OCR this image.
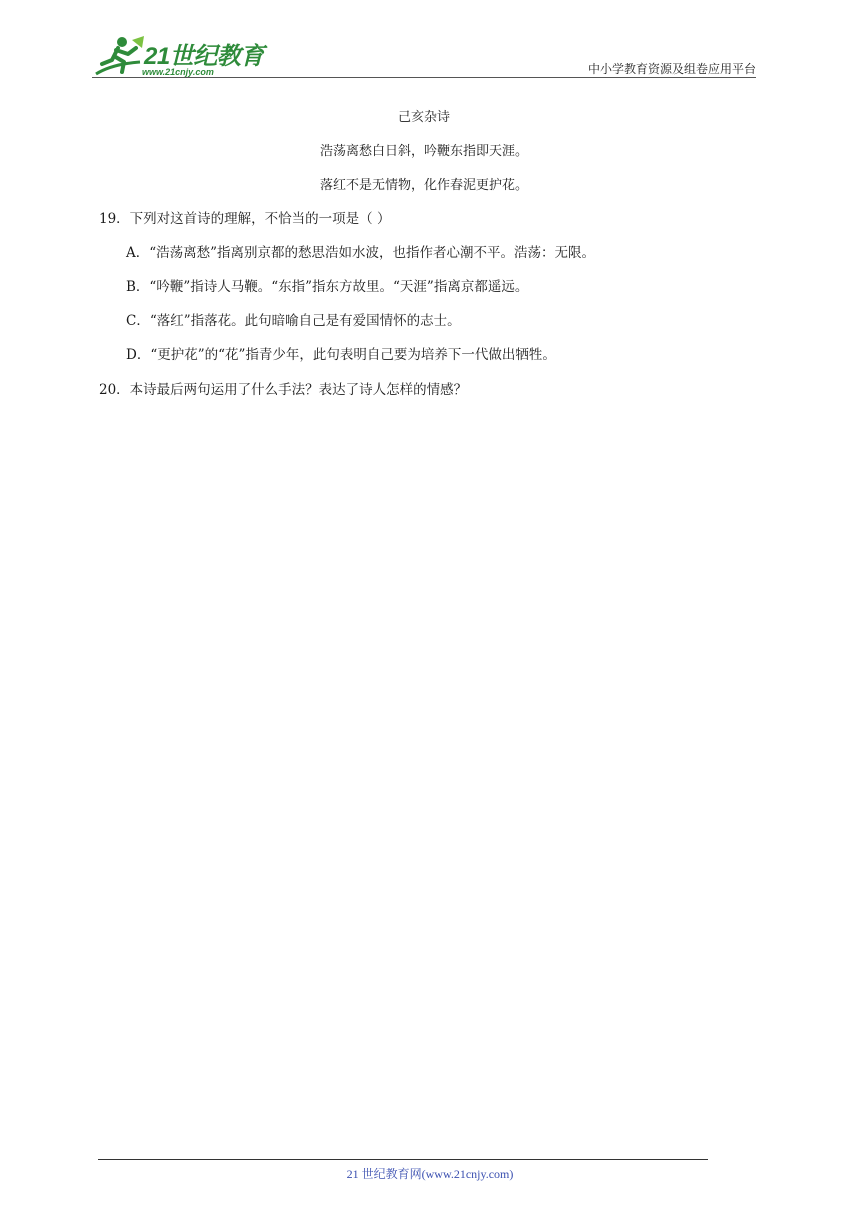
21世纪教育
www.21cnjy.com	中小学教育资源及组卷应用平台
己亥杂诗
浩荡离愁白日斜，吟鞭东指即天涯。
落红不是无情物，化作春泥更护花。
19．下列对这首诗的理解，不恰当的一项是（ ）
A．“浩荡离愁”指离别京都的愁思浩如水波，也指作者心潮不平。浩荡：无限。
B．“吟鞭”指诗人马鞭。“东指”指东方故里。“天涯”指离京都遥远。
C．“落红”指落花。此句暗喻自己是有爱国情怀的志士。
D．“更护花”的“花”指青少年，此句表明自己要为培养下一代做出牺牲。
20．本诗最后两句运用了什么手法？表达了诗人怎样的情感？
21 世纪教育网(www.21cnjy.com)
